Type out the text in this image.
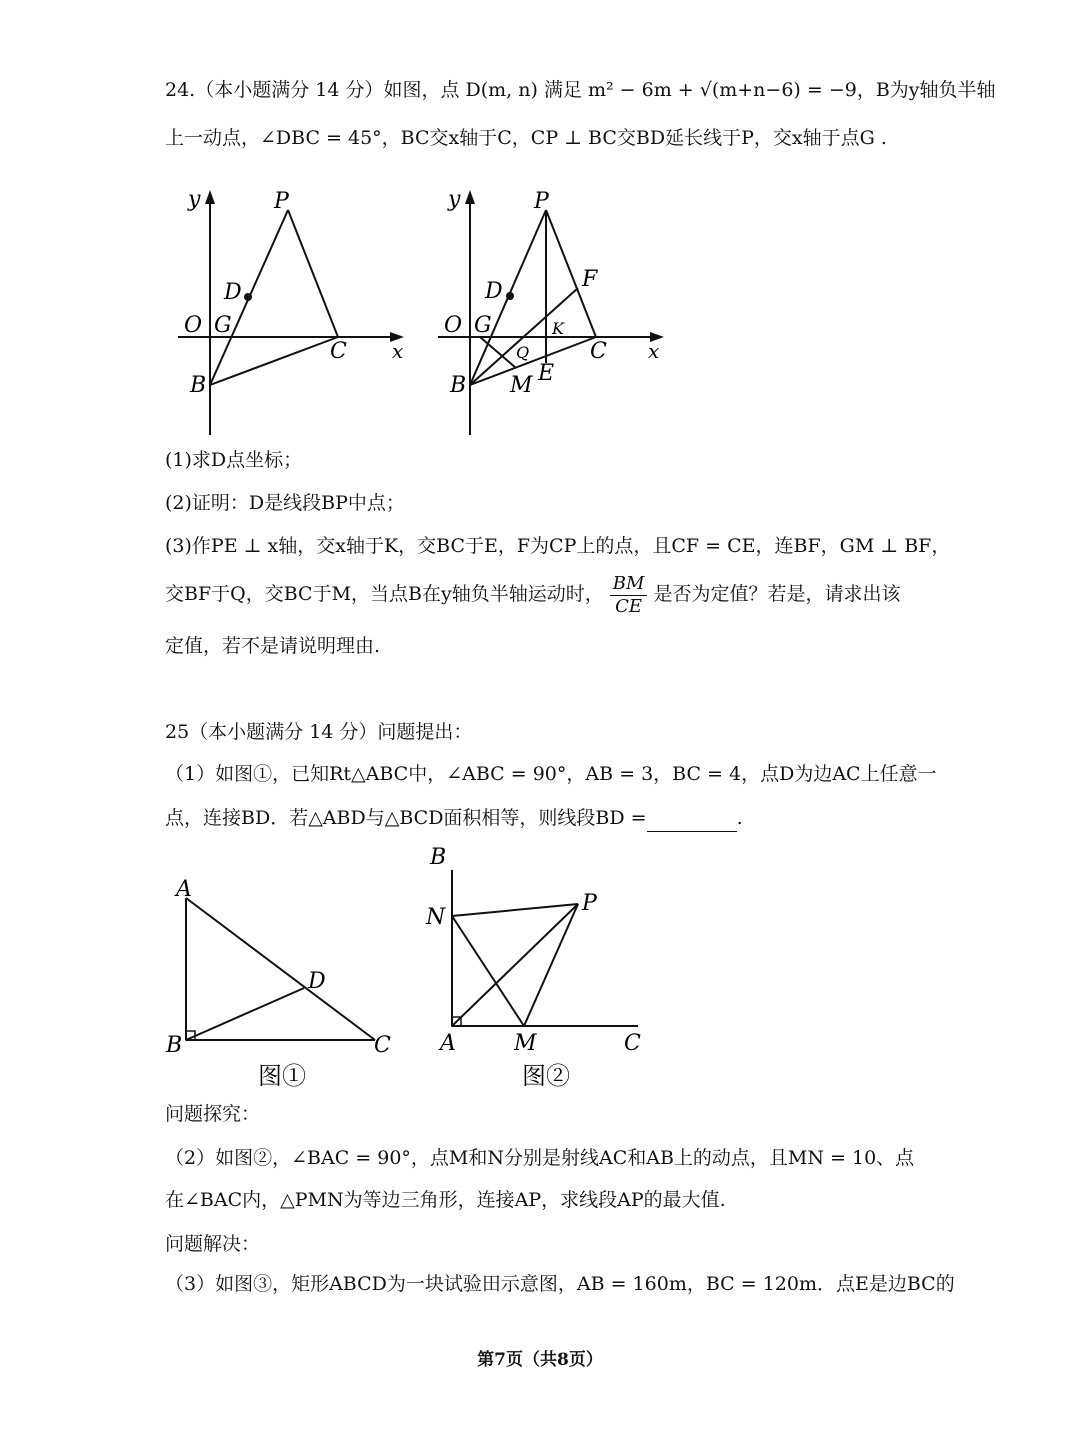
24.（本小题满分 14 分）如图，点 D(m, n) 满足 m² − 6m + √(m+n−6) = −9，B为y轴负半轴
上一动点，∠DBC = 45°，BC交x轴于C，CP ⊥ BC交BD延长线于P，交x轴于点G .
y	P
D
O G
C x
B
y	P
F
D
O G	K
Q	C x
B M E
(1)求D点坐标；
(2)证明：D是线段BP中点；
(3)作PE ⊥ x轴，交x轴于K，交BC于E，F为CP上的点，且CF = CE，连BF，GM ⊥ BF，
交BF于Q，交BC于M，当点B在y轴负半轴运动时， $\frac{BM}{CE}$ 是否为定值？若是，请求出该
定值，若不是请说明理由.
25（本小题满分 14 分）问题提出：
（1）如图①，已知Rt△ABC中，∠ABC = 90°，AB = 3，BC = 4，点D为边AC上任意一
点，连接BD．若△ABD与△BCD面积相等，则线段BD =	.
A
D
B	C
图①
B
N
P
A	M	C
图②
问题探究：
（2）如图②，∠BAC = 90°，点M和N分别是射线AC和AB上的动点，且MN = 10、点
在∠BAC内，△PMN为等边三角形，连接AP，求线段AP的最大值.
问题解决：
（3）如图③，矩形ABCD为一块试验田示意图，AB = 160m，BC = 120m．点E是边BC的
第7页（共8页）
